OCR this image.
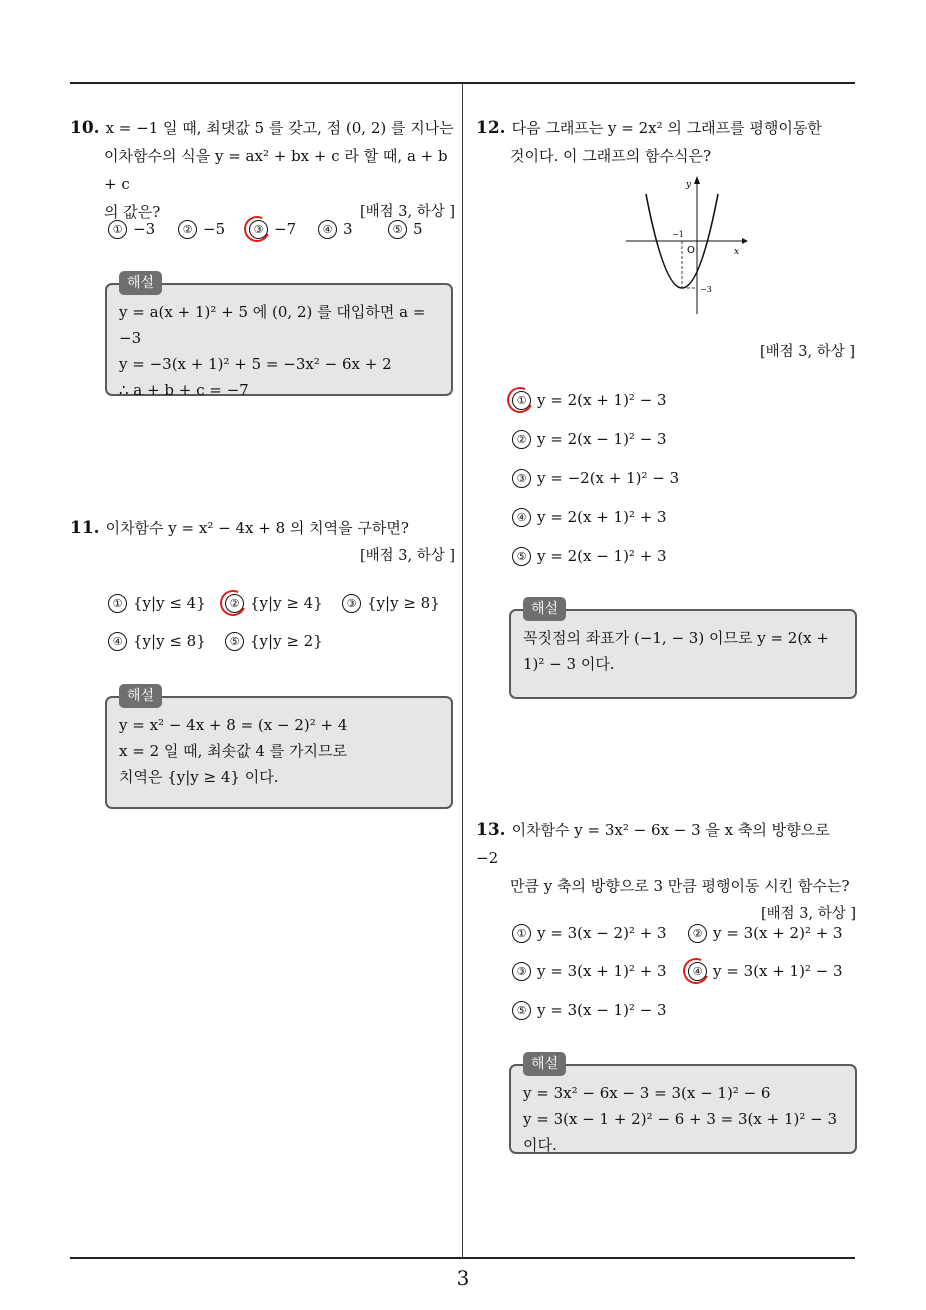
10. x = −1 일 때, 최댓값 5 를 갖고, 점 (0, 2) 를 지나는
이차함수의 식을 y = ax² + bx + c 라 할 때, a + b + c
의 값은?	[배점 3, 하상 ]
① −3	② −5	③ −7	④ 3	⑤ 5
y = a(x + 1)² + 5 에 (0, 2) 를 대입하면 a = −3
y = −3(x + 1)² + 5 = −3x² − 6x + 2
∴ a + b + c = −7
해설
11. 이차함수 y = x² − 4x + 8 의 치역을 구하면?
[배점 3, 하상 ]
① {y|y ≤ 4}	② {y|y ≥ 4}	③ {y|y ≥ 8}
④ {y|y ≤ 8}	⑤ {y|y ≥ 2}
y = x² − 4x + 8 = (x − 2)² + 4
x = 2 일 때, 최솟값 4 를 가지므로
치역은 {y|y ≥ 4} 이다.
해설
12. 다음 그래프는 y = 2x² 의 그래프를 평행이동한
것이다. 이 그래프의 함수식은?
y
x
O
−1
−3
[배점 3, 하상 ]
① y = 2(x + 1)² − 3
② y = 2(x − 1)² − 3
③ y = −2(x + 1)² − 3
④ y = 2(x + 1)² + 3
⑤ y = 2(x − 1)² + 3
꼭짓점의 좌표가 (−1, − 3) 이므로 y = 2(x +
1)² − 3 이다.
해설
13. 이차함수 y = 3x² − 6x − 3 을 x 축의 방향으로 −2
만큼 y 축의 방향으로 3 만큼 평행이동 시킨 함수는?
[배점 3, 하상 ]
① y = 3(x − 2)² + 3	② y = 3(x + 2)² + 3
③ y = 3(x + 1)² + 3	④ y = 3(x + 1)² − 3
⑤ y = 3(x − 1)² − 3
y = 3x² − 6x − 3 = 3(x − 1)² − 6
y = 3(x − 1 + 2)² − 6 + 3 = 3(x + 1)² − 3 이다.
해설
3
